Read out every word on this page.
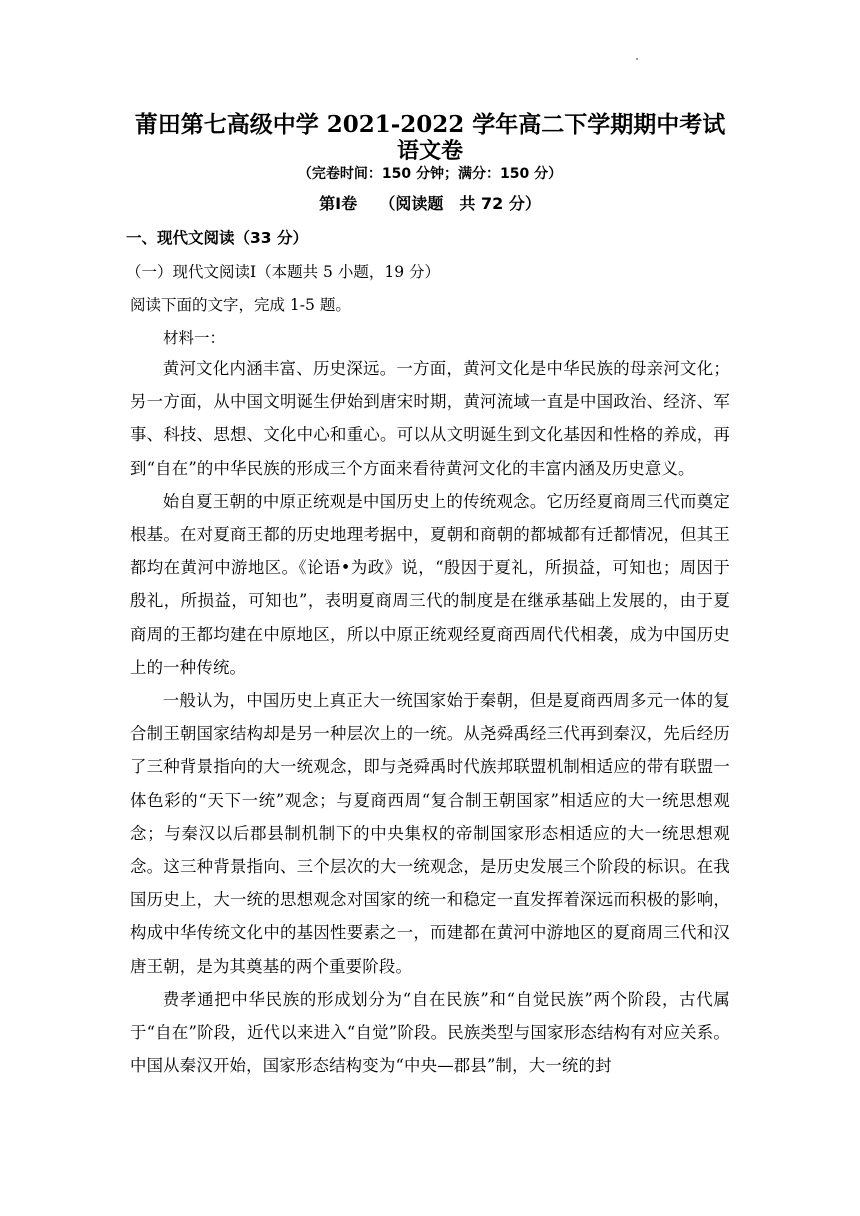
莆田第七高级中学 2021-2022 学年高二下学期期中考试
语文卷
（完卷时间：150 分钟；满分：150 分）
第Ⅰ卷 （阅读题　共 72 分）
一、现代文阅读（33 分）
（一）现代文阅读Ⅰ（本题共 5 小题，19 分）
阅读下面的文字，完成 1-5 题。
材料一：

黄河文化内涵丰富、历史深远。一方面，黄河文化是中华民族的母亲河文化；另一方面，从中国文明诞生伊始到唐宋时期，黄河流域一直是中国政治、经济、军事、科技、思想、文化中心和重心。可以从文明诞生到文化基因和性格的养成，再到“自在”的中华民族的形成三个方面来看待黄河文化的丰富内涵及历史意义。

始自夏王朝的中原正统观是中国历史上的传统观念。它历经夏商周三代而奠定根基。在对夏商王都的历史地理考据中，夏朝和商朝的都城都有迁都情况，但其王都均在黄河中游地区。《论语•为政》说，“殷因于夏礼，所损益，可知也；周因于殷礼，所损益，可知也”，表明夏商周三代的制度是在继承基础上发展的，由于夏商周的王都均建在中原地区，所以中原正统观经夏商西周代代相袭，成为中国历史上的一种传统。

一般认为，中国历史上真正大一统国家始于秦朝，但是夏商西周多元一体的复合制王朝国家结构却是另一种层次上的一统。从尧舜禹经三代再到秦汉，先后经历了三种背景指向的大一统观念，即与尧舜禹时代族邦联盟机制相适应的带有联盟一体色彩的“天下一统”观念；与夏商西周“复合制王朝国家”相适应的大一统思想观念；与秦汉以后郡县制机制下的中央集权的帝制国家形态相适应的大一统思想观念。这三种背景指向、三个层次的大一统观念，是历史发展三个阶段的标识。在我国历史上，大一统的思想观念对国家的统一和稳定一直发挥着深远而积极的影响，构成中华传统文化中的基因性要素之一，而建都在黄河中游地区的夏商周三代和汉唐王朝，是为其奠基的两个重要阶段。

费孝通把中华民族的形成划分为“自在民族”和“自觉民族”两个阶段，古代属于“自在”阶段，近代以来进入“自觉”阶段。民族类型与国家形态结构有对应关系。中国从秦汉开始，国家形态结构变为“中央—郡县”制，大一统的封
